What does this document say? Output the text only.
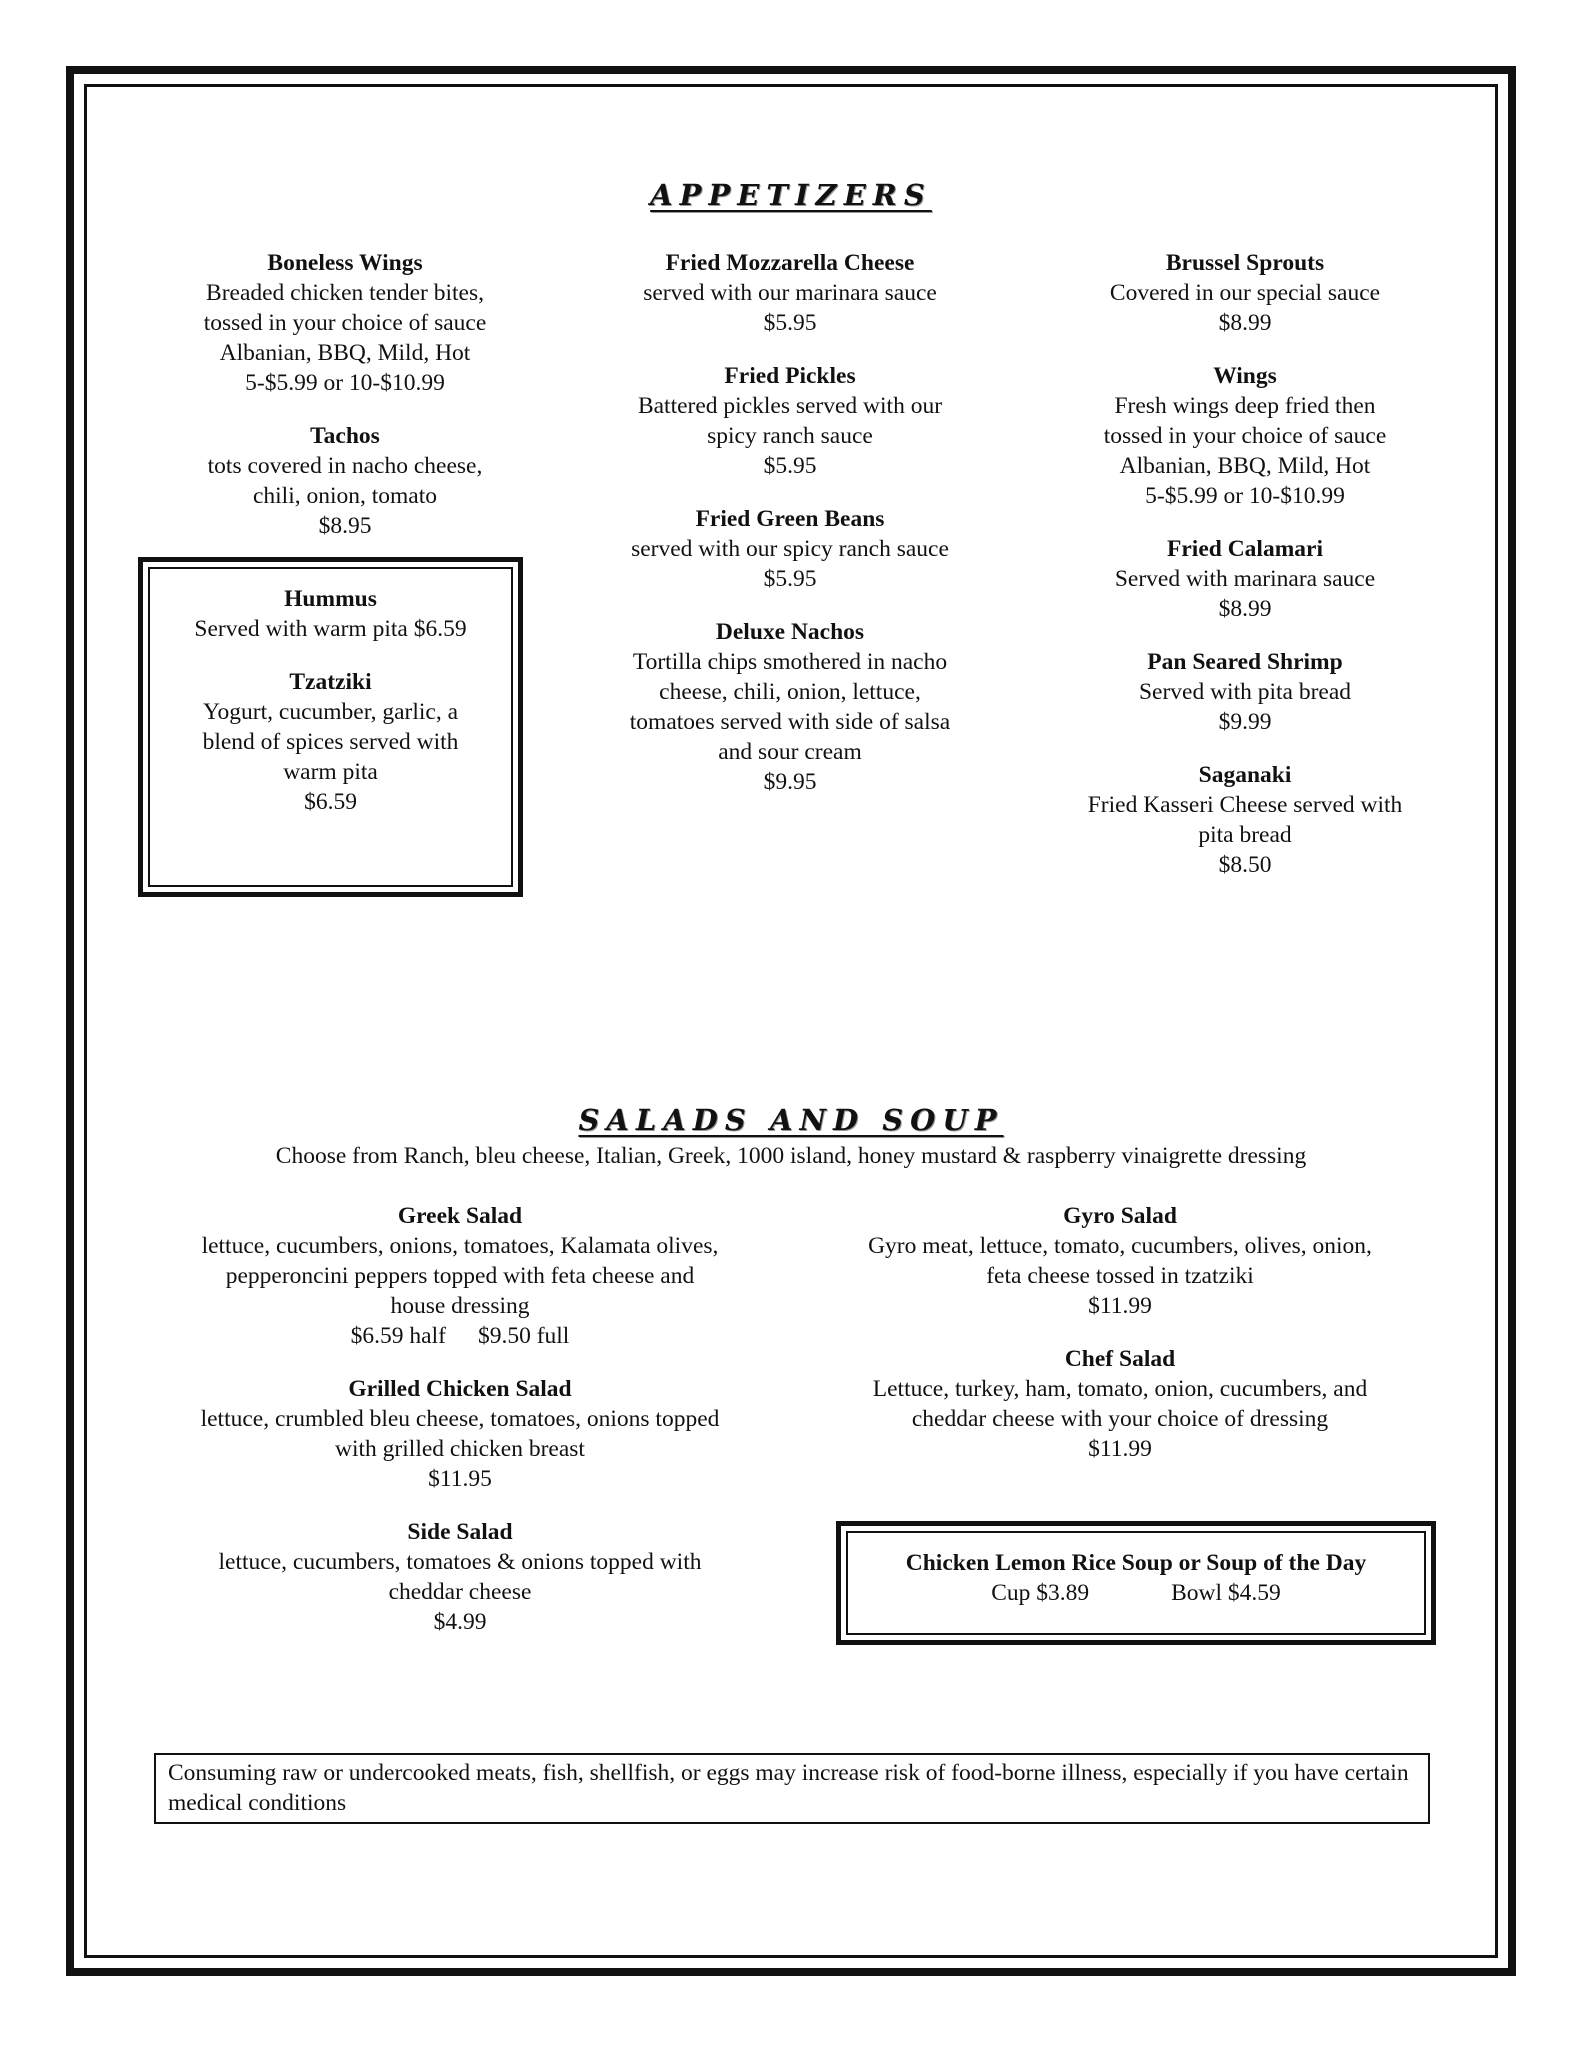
APPETIZERS
Boneless Wings
Breaded chicken tender bites,
tossed in your choice of sauce
Albanian, BBQ, Mild, Hot
5-$5.99 or 10-$10.99
Tachos
tots covered in nacho cheese,
chili, onion, tomato
$8.95
Hummus
Served with warm pita $6.59
Tzatziki
Yogurt, cucumber, garlic, a
blend of spices served with
warm pita
$6.59
Fried Mozzarella Cheese
served with our marinara sauce
$5.95
Fried Pickles
Battered pickles served with our
spicy ranch sauce
$5.95
Fried Green Beans
served with our spicy ranch sauce
$5.95
Deluxe Nachos
Tortilla chips smothered in nacho
cheese, chili, onion, lettuce,
tomatoes served with side of salsa
and sour cream
$9.95
Brussel Sprouts
Covered in our special sauce
$8.99
Wings
Fresh wings deep fried then
tossed in your choice of sauce
Albanian, BBQ, Mild, Hot
5-$5.99 or 10-$10.99
Fried Calamari
Served with marinara sauce
$8.99
Pan Seared Shrimp
Served with pita bread
$9.99
Saganaki
Fried Kasseri Cheese served with
pita bread
$8.50
SALADS AND SOUP
Choose from Ranch, bleu cheese, Italian, Greek, 1000 island, honey mustard & raspberry vinaigrette dressing
Greek Salad
lettuce, cucumbers, onions, tomatoes, Kalamata olives,
pepperoncini peppers topped with feta cheese and
house dressing
$6.59 half $9.50 full
Grilled Chicken Salad
lettuce, crumbled bleu cheese, tomatoes, onions topped
with grilled chicken breast
$11.95
Side Salad
lettuce, cucumbers, tomatoes & onions topped with
cheddar cheese
$4.99
Gyro Salad
Gyro meat, lettuce, tomato, cucumbers, olives, onion,
feta cheese tossed in tzatziki
$11.99
Chef Salad
Lettuce, turkey, ham, tomato, onion, cucumbers, and
cheddar cheese with your choice of dressing
$11.99
Chicken Lemon Rice Soup or Soup of the Day
Cup $3.89	Bowl $4.59
Consuming raw or undercooked meats, fish, shellfish, or eggs may increase risk of food-borne illness, especially if you have certain medical conditions
